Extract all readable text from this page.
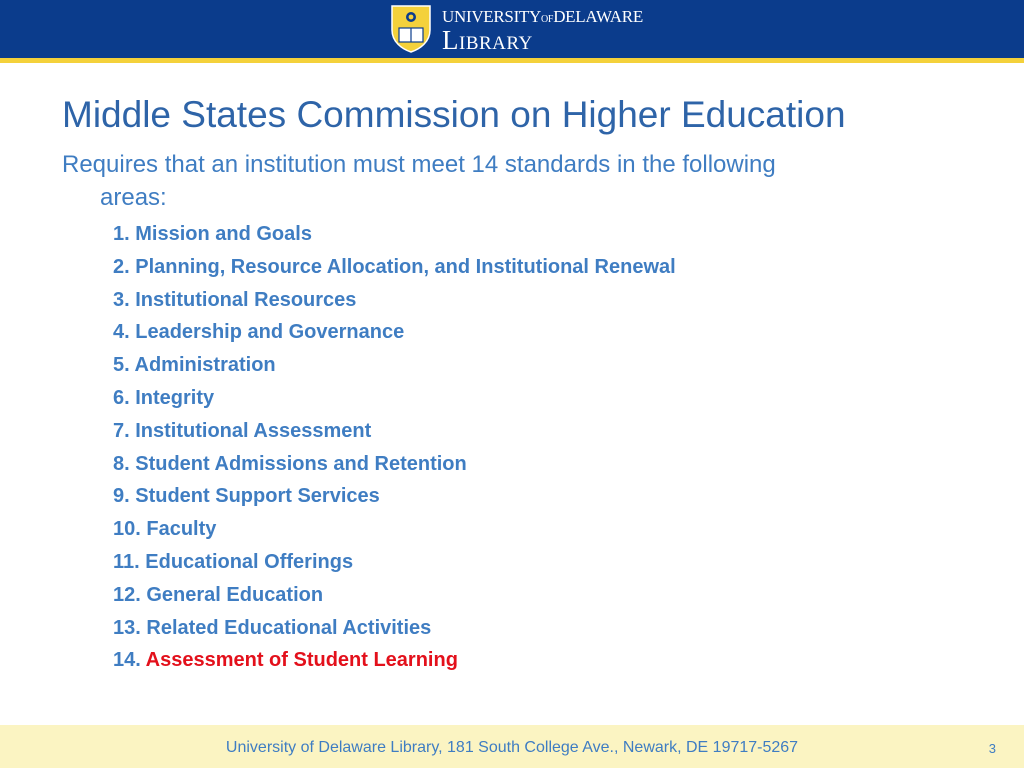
UNIVERSITYOFDELAWARE
Library
Middle States Commission on Higher Education
Requires that an institution must meet 14 standards in the following
areas:
1. Mission and Goals
2. Planning, Resource Allocation, and Institutional Renewal
3. Institutional Resources
4. Leadership and Governance
5. Administration
6. Integrity
7. Institutional Assessment
8. Student Admissions and Retention
9. Student Support Services
10. Faculty
11. Educational Offerings
12. General Education
13. Related Educational Activities
14. Assessment of Student Learning
University of Delaware Library, 181 South College Ave., Newark, DE 19717-5267	3
